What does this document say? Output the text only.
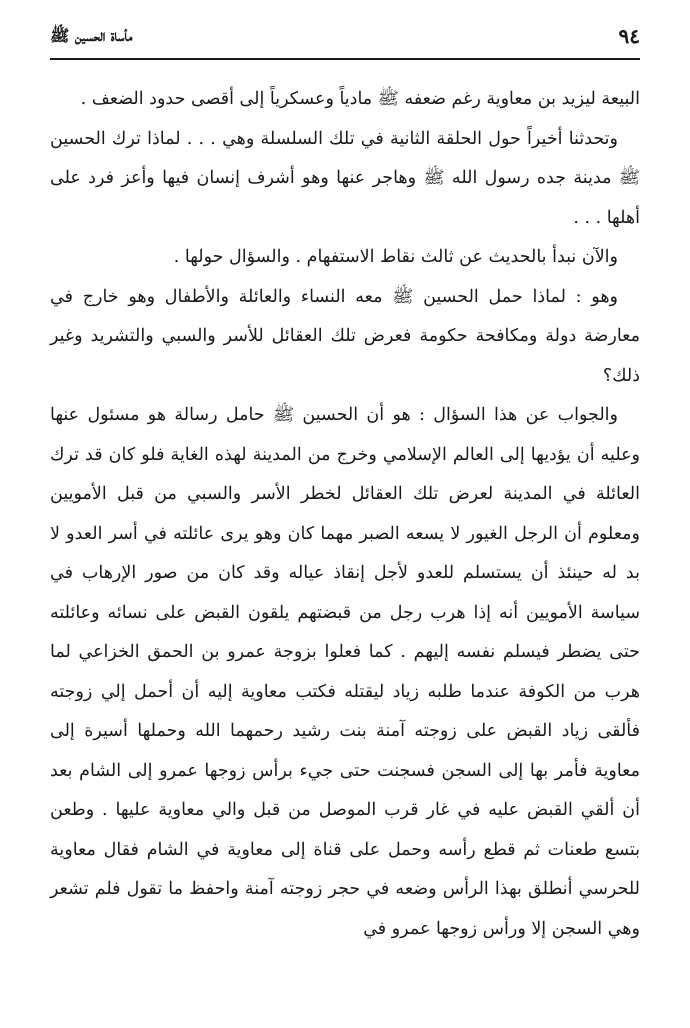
٩٤
مأساة الحسين ﷺ

البيعة ليزيد بن معاوية رغم ضعفه ﷺ مادياً وعسكرياً إلى أقصى حدود الضعف .

وتحدثنا أخيراً حول الحلقة الثانية في تلك السلسلة وهي . . . لماذا ترك الحسين ﷺ مدينة جده رسول الله ﷺ وهاجر عنها وهو أشرف إنسان فيها وأعز فرد على أهلها . . .

والآن نبدأ بالحديث عن ثالث نقاط الاستفهام . والسؤال حولها .

وهو : لماذا حمل الحسين ﷺ معه النساء والعائلة والأطفال وهو خارج في معارضة دولة ومكافحة حكومة فعرض تلك العقائل للأسر والسبي والتشريد وغير ذلك؟

والجواب عن هذا السؤال : هو أن الحسين ﷺ حامل رسالة هو مسئول عنها وعليه أن يؤديها إلى العالم الإسلامي وخرج من المدينة لهذه الغاية فلو كان قد ترك العائلة في المدينة لعرض تلك العقائل لخطر الأسر والسبي من قبل الأمويين ومعلوم أن الرجل الغيور لا يسعه الصبر مهما كان وهو يرى عائلته في أسر العدو لا بد له حينئذ أن يستسلم للعدو لأجل إنقاذ عياله وقد كان من صور الإرهاب في سياسة الأمويين أنه إذا هرب رجل من قبضتهم يلقون القبض على نسائه وعائلته حتى يضطر فيسلم نفسه إليهم . كما فعلوا بزوجة عمرو بن الحمق الخزاعي لما هرب من الكوفة عندما طلبه زياد ليقتله فكتب معاوية إليه أن أحمل إلي زوجته فألقى زياد القبض على زوجته آمنة بنت رشيد رحمهما الله وحملها أسيرة إلى معاوية فأمر بها إلى السجن فسجنت حتى جيء برأس زوجها عمرو إلى الشام بعد أن ألقي القبض عليه في غار قرب الموصل من قبل والي معاوية عليها . وطعن بتسع طعنات ثم قطع رأسه وحمل على قناة إلى معاوية في الشام فقال معاوية للحرسي أنطلق بهذا الرأس وضعه في حجر زوجته آمنة واحفظ ما تقول فلم تشعر وهي السجن إلا ورأس زوجها عمرو في
